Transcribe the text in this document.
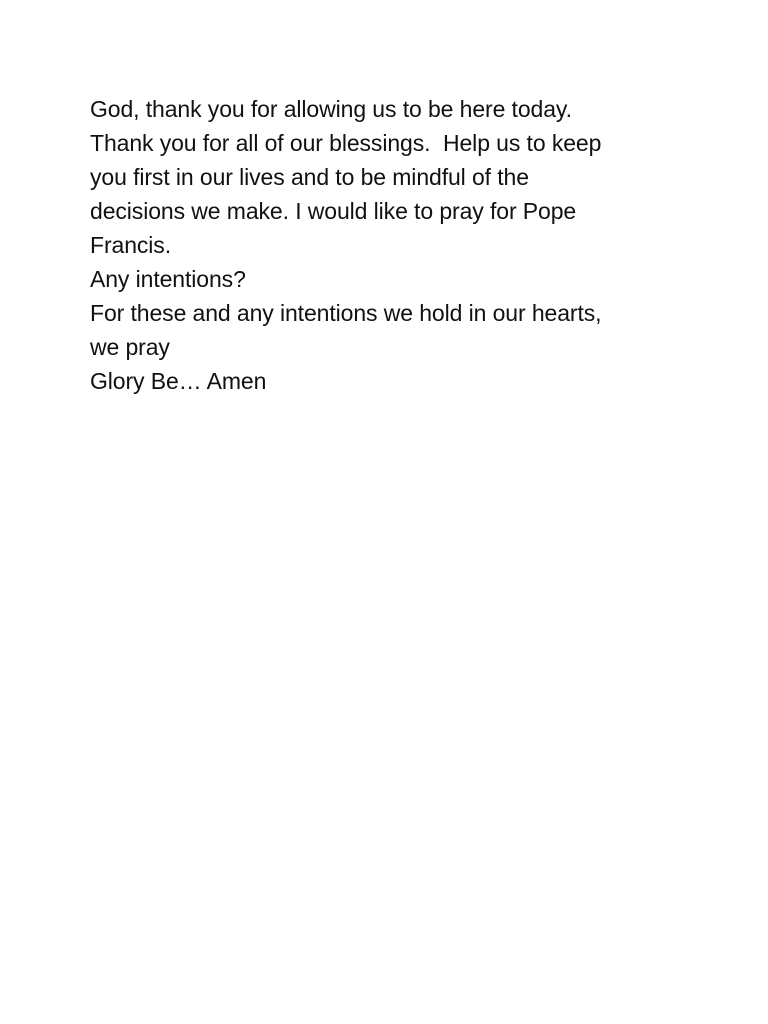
God, thank you for allowing us to be here today.
Thank you for all of our blessings.  Help us to keep
you first in our lives and to be mindful of the
decisions we make. I would like to pray for Pope
Francis.
Any intentions?
For these and any intentions we hold in our hearts,
we pray
Glory Be… Amen
